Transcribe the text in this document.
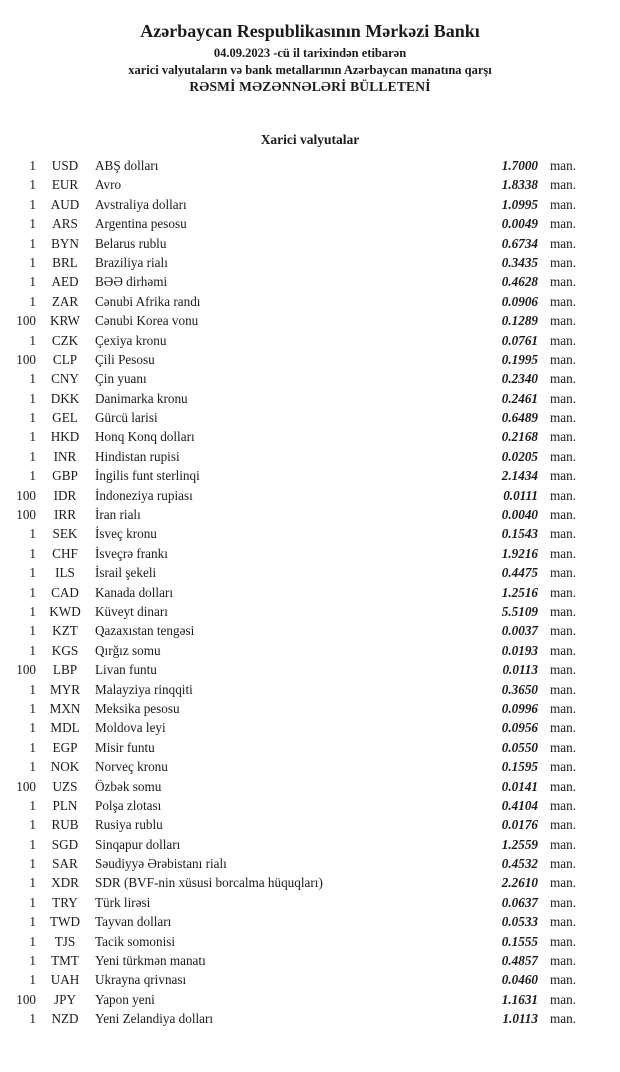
Azərbaycan Respublikasının Mərkəzi Bankı
04.09.2023 -cü il tarixindən etibarən
xarici valyutaların və bank metallarının Azərbaycan manatına qarşı
RƏSMİ MƏZƏNNƏLƏRİ BÜLLETENİ
Xarici valyutalar
1	USD	ABŞ dolları	1.7000 man.
1	EUR	Avro	1.8338 man.
1	AUD	Avstraliya dolları	1.0995 man.
1	ARS	Argentina pesosu	0.0049 man.
1	BYN	Belarus rublu	0.6734 man.
1	BRL	Braziliya rialı	0.3435 man.
1	AED	BƏƏ dirhəmi	0.4628 man.
1	ZAR	Cənubi Afrika randı	0.0906 man.
100	KRW	Cənubi Korea vonu	0.1289 man.
1	CZK	Çexiya kronu	0.0761 man.
100	CLP	Çili Pesosu	0.1995 man.
1	CNY	Çin yuanı	0.2340 man.
1	DKK	Danimarka kronu	0.2461 man.
1	GEL	Gürcü larisi	0.6489 man.
1	HKD	Honq Konq dolları	0.2168 man.
1	INR	Hindistan rupisi	0.0205 man.
1	GBP	İngilis funt sterlinqi	2.1434 man.
100	IDR	İndoneziya rupiası	0.0111 man.
100	IRR	İran rialı	0.0040 man.
1	SEK	İsveç kronu	0.1543 man.
1	CHF	İsveçrə frankı	1.9216 man.
1	ILS	İsrail şekeli	0.4475 man.
1	CAD	Kanada dolları	1.2516 man.
1	KWD	Küveyt dinarı	5.5109 man.
1	KZT	Qazaxıstan tengəsi	0.0037 man.
1	KGS	Qırğız somu	0.0193 man.
100	LBP	Livan funtu	0.0113 man.
1	MYR	Malayziya rinqqiti	0.3650 man.
1	MXN	Meksika pesosu	0.0996 man.
1	MDL	Moldova leyi	0.0956 man.
1	EGP	Misir funtu	0.0550 man.
1	NOK	Norveç kronu	0.1595 man.
100	UZS	Özbək somu	0.0141 man.
1	PLN	Polşa zlotası	0.4104 man.
1	RUB	Rusiya rublu	0.0176 man.
1	SGD	Sinqapur dolları	1.2559 man.
1	SAR	Səudiyyə Ərəbistanı rialı	0.4532 man.
1	XDR	SDR (BVF-nin xüsusi borcalma hüquqları)	2.2610 man.
1	TRY	Türk lirəsi	0.0637 man.
1	TWD	Tayvan dolları	0.0533 man.
1	TJS	Tacik somonisi	0.1555 man.
1	TMT	Yeni türkmən manatı	0.4857 man.
1	UAH	Ukrayna qrivnası	0.0460 man.
100	JPY	Yapon yeni	1.1631 man.
1	NZD	Yeni Zelandiya dolları	1.0113 man.
